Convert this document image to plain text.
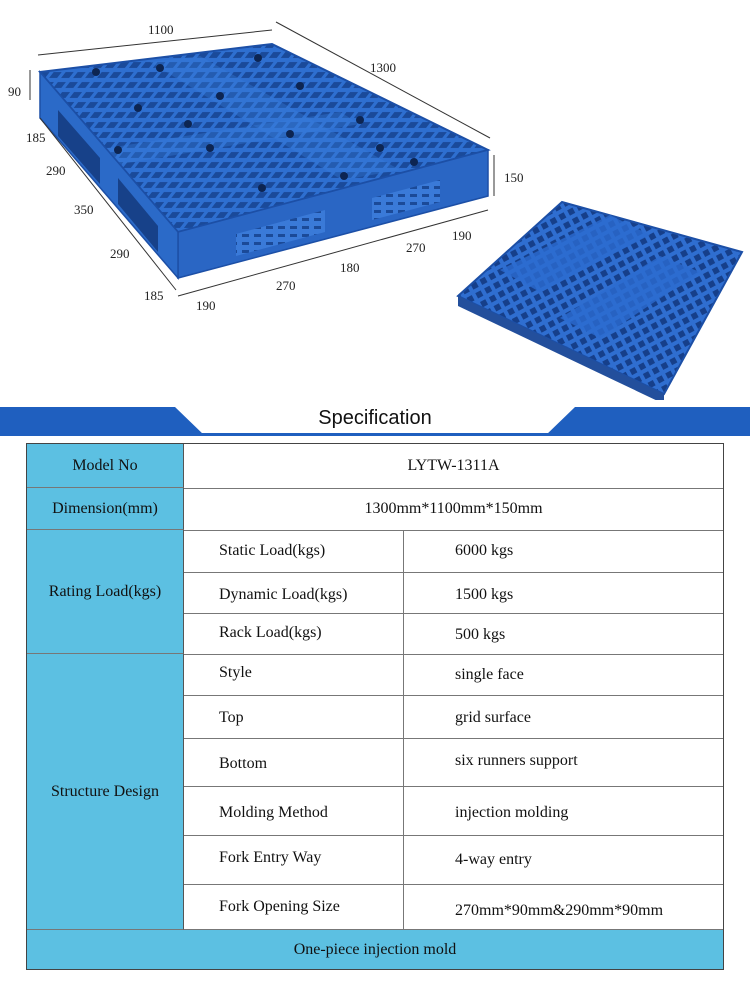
1100
1300
90
150
185
290
350
290
185
190
270
180
270
190
Specification
Model No	LYTW-1311A
Dimension(mm)	1300mm*1100mm*150mm
Rating Load(kgs)
Static Load(kgs)	6000 kgs
Dynamic Load(kgs)	1500 kgs
Rack Load(kgs)	500 kgs
Structure Design
Style	single face
Top	grid surface
Bottom	six runners support
Molding Method	injection molding
Fork Entry Way	4-way entry
Fork Opening Size	270mm*90mm&290mm*90mm
One-piece injection mold
